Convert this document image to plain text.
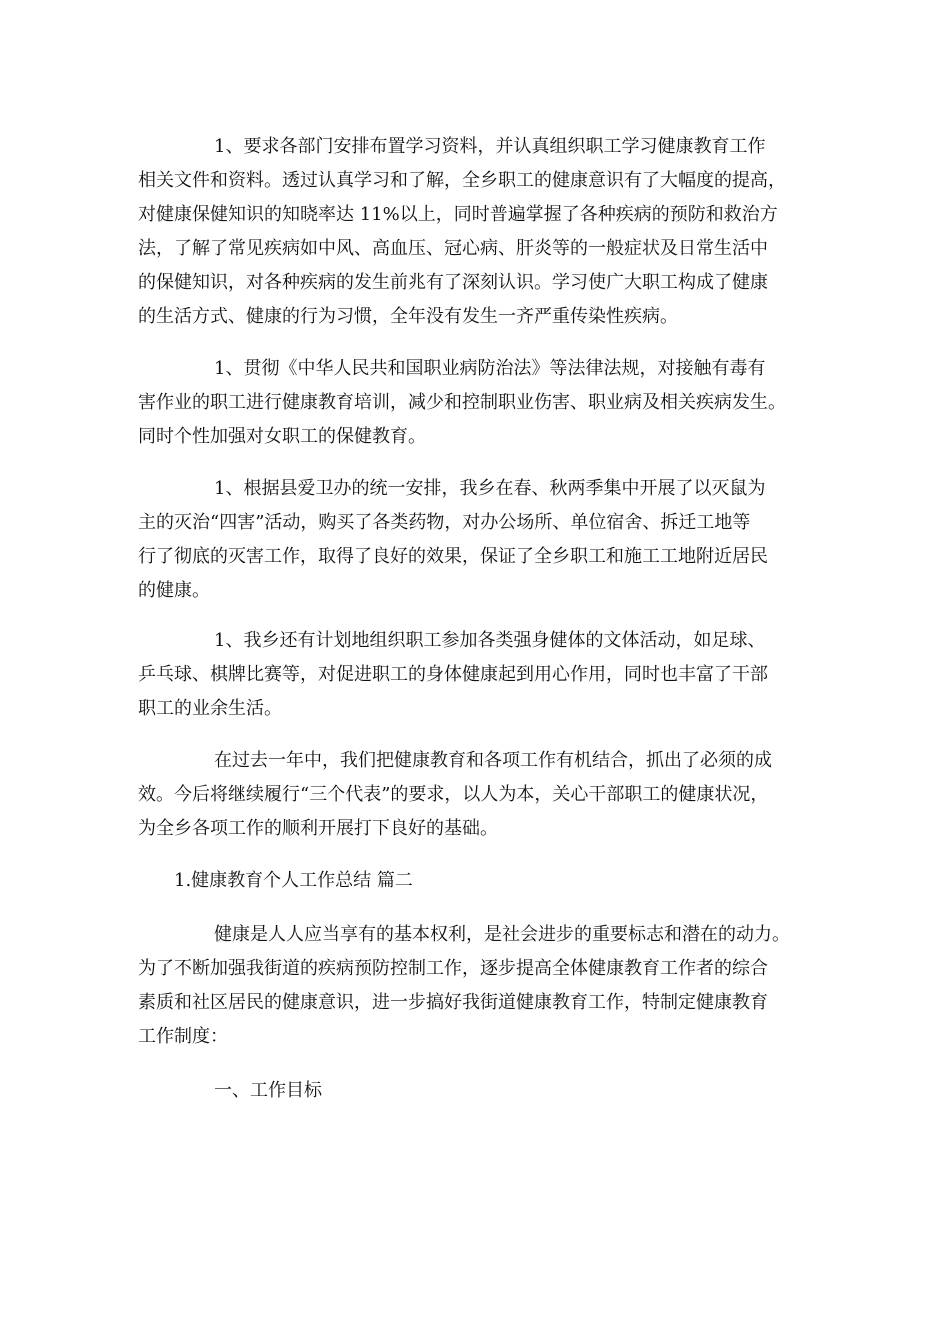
1、要求各部门安排布置学习资料，并认真组织职工学习健康教育工作
相关文件和资料。透过认真学习和了解，全乡职工的健康意识有了大幅度的提高，
对健康保健知识的知晓率达 11%以上，同时普遍掌握了各种疾病的预防和救治方
法，了解了常见疾病如中风、高血压、冠心病、肝炎等的一般症状及日常生活中
的保健知识，对各种疾病的发生前兆有了深刻认识。学习使广大职工构成了健康
的生活方式、健康的行为习惯，全年没有发生一齐严重传染性疾病。

1、贯彻《中华人民共和国职业病防治法》等法律法规，对接触有毒有
害作业的职工进行健康教育培训，减少和控制职业伤害、职业病及相关疾病发生。
同时个性加强对女职工的保健教育。

1、根据县爱卫办的统一安排，我乡在春、秋两季集中开展了以灭鼠为
主的灭治“四害”活动，购买了各类药物，对办公场所、单位宿舍、拆迁工地等
行了彻底的灭害工作，取得了良好的效果，保证了全乡职工和施工工地附近居民
的健康。

1、我乡还有计划地组织职工参加各类强身健体的文体活动，如足球、
乒乓球、棋牌比赛等，对促进职工的身体健康起到用心作用，同时也丰富了干部
职工的业余生活。

在过去一年中，我们把健康教育和各项工作有机结合，抓出了必须的成
效。今后将继续履行“三个代表”的要求，以人为本，关心干部职工的健康状况，
为全乡各项工作的顺利开展打下良好的基础。

1.健康教育个人工作总结 篇二

健康是人人应当享有的基本权利，是社会进步的重要标志和潜在的动力。
为了不断加强我街道的疾病预防控制工作，逐步提高全体健康教育工作者的综合
素质和社区居民的健康意识，进一步搞好我街道健康教育工作，特制定健康教育
工作制度：

一、工作目标
